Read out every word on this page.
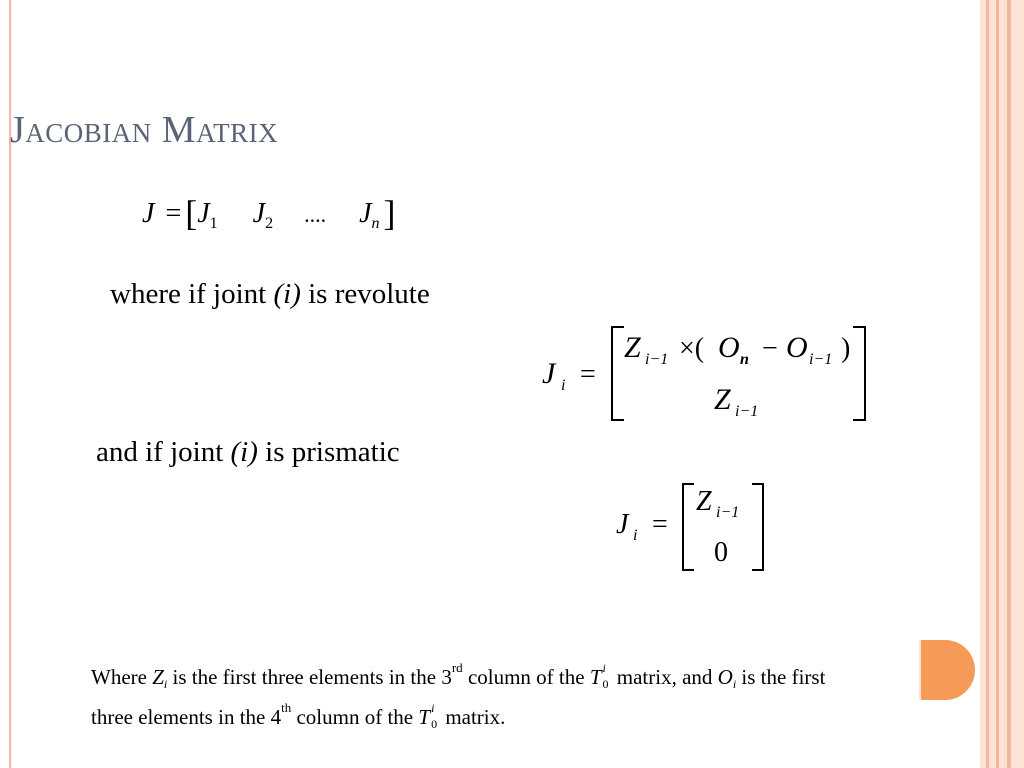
Jacobian Matrix
$J = [J_1$ $J_2$ .... $J_n$ ]
where if joint (i) is revolute
J i =
Z i−1 ×( O n − O i−1 )
Z i−1
and if joint (i) is prismatic
J i =
Z i−1
0
Where $Z_i$ is the first three elements in the 3rd column of the T i
0 matrix, and Oi is the first
three elements in the 4th column of the T i
0 matrix.
